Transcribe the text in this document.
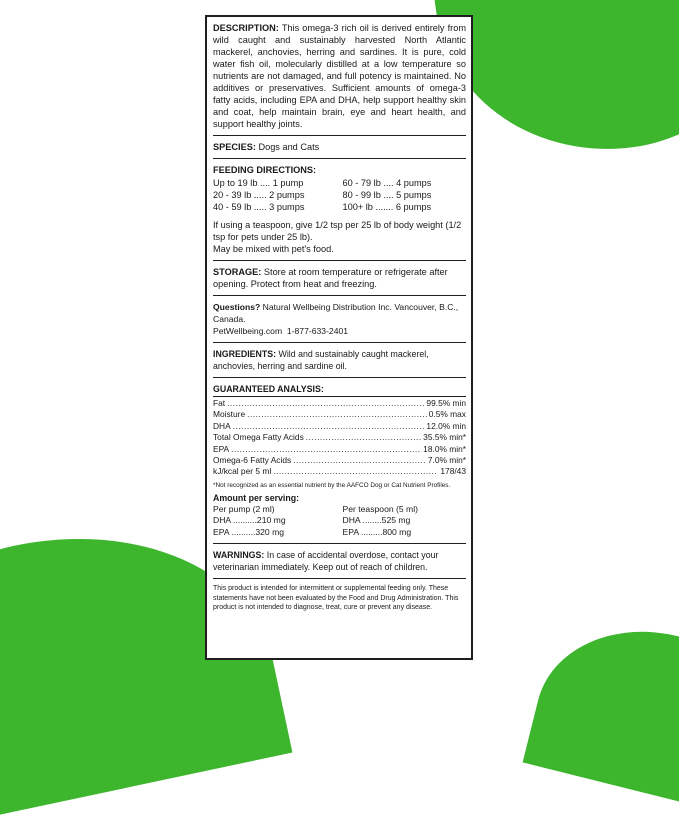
DESCRIPTION: This omega-3 rich oil is derived entirely from wild caught and sustainably harvested North Atlantic mackerel, anchovies, herring and sardines. It is pure, cold water fish oil, molecularly distilled at a low temperature so nutrients are not damaged, and full potency is maintained. No additives or preservatives. Sufficient amounts of omega-3 fatty acids, including EPA and DHA, help support healthy skin and coat, help maintain brain, eye and heart health, and support healthy joints.
SPECIES: Dogs and Cats
FEEDING DIRECTIONS:
Up to 19 lb .... 1 pump	60 - 79 lb .... 4 pumps
20 - 39 lb ..... 2 pumps	80 - 99 lb .... 5 pumps
40 - 59 lb ..... 3 pumps	100+ lb ....... 6 pumps
If using a teaspoon, give 1/2 tsp per 25 lb of body weight (1/2 tsp for pets under 25 lb).
May be mixed with pet's food.
STORAGE: Store at room temperature or refrigerate after opening. Protect from heat and freezing.
Questions? Natural Wellbeing Distribution Inc. Vancouver, B.C., Canada.
PetWellbeing.com 1-877-633-2401
INGREDIENTS: Wild and sustainably caught mackerel, anchovies, herring and sardine oil.
GUARANTEED ANALYSIS:
Fat .....	99.5% min
Moisture .....	0.5% max
DHA .....	12.0% min
Total Omega Fatty Acids .....	35.5% min*
EPA .....	18.0% min*
Omega-6 Fatty Acids .....	7.0% min*
kJ/kcal per 5 ml .....	178/43
*Not recognized as an essential nutrient by the AAFCO Dog or Cat Nutrient Profiles.
Amount per serving:
Per pump (2 ml)	Per teaspoon (5 ml)
DHA ..........210 mg	DHA ........525 mg
EPA ..........320 mg	EPA .........800 mg
WARNINGS: In case of accidental overdose, contact your veterinarian immediately. Keep out of reach of children.
This product is intended for intermittent or supplemental feeding only. These statements have not been evaluated by the Food and Drug Administration. This product is not intended to diagnose, treat, cure or prevent any disease.
